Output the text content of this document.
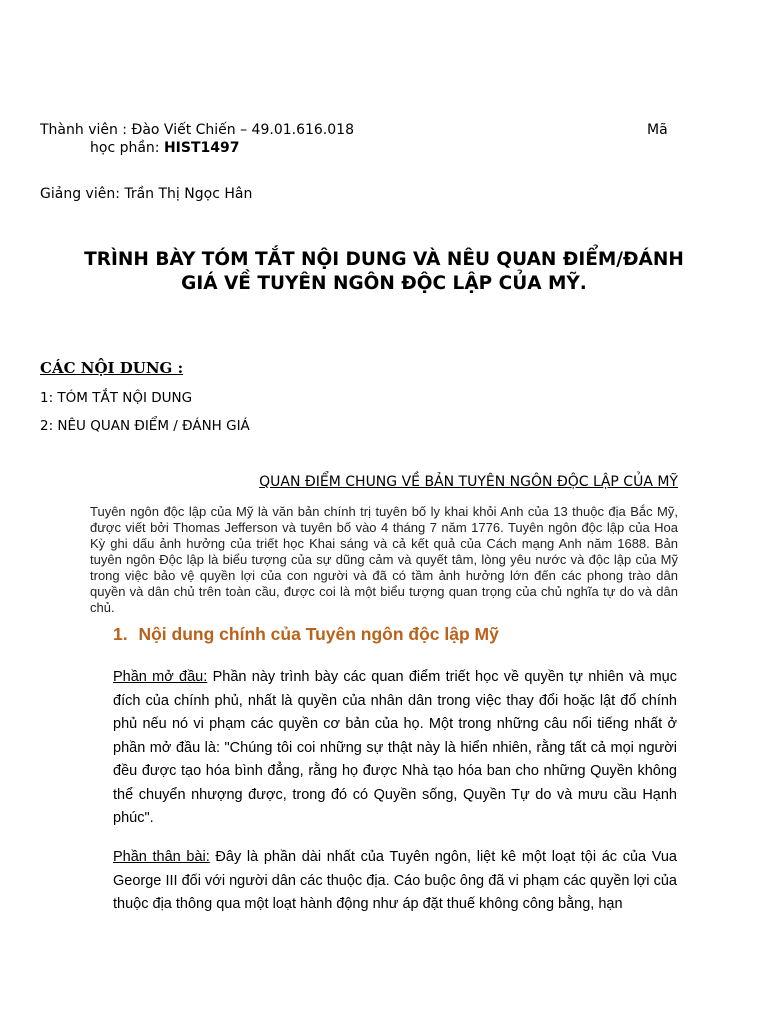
Thành viên : Đào Viết Chiến – 49.01.616.018	Mã
học phần: HIST1497
Giảng viên: Trần Thị Ngọc Hân
TRÌNH BÀY TÓM TẮT NỘI DUNG VÀ NÊU QUAN ĐIỂM/ĐÁNH
GIÁ VỀ TUYÊN NGÔN ĐỘC LẬP CỦA MỸ.
CÁC NỘI DUNG :
1: TÓM TẮT NỘI DUNG
2: NÊU QUAN ĐIỂM / ĐÁNH GIÁ
QUAN ĐIỂM CHUNG VỀ BẢN TUYÊN NGÔN ĐỘC LẬP CỦA MỸ
Tuyên ngôn độc lập của Mỹ là văn bản chính trị tuyên bố ly khai khỏi Anh của 13 thuộc địa Bắc Mỹ, được viết bởi Thomas Jefferson và tuyên bố vào 4 tháng 7 năm 1776. Tuyên ngôn độc lập của Hoa Kỳ ghi dấu ảnh hưởng của triết học Khai sáng và cả kết quả của Cách mạng Anh năm 1688. Bản tuyên ngôn Độc lập là biểu tượng của sự dũng cảm và quyết tâm, lòng yêu nước và độc lập của Mỹ trong việc bảo vệ quyền lợi của con người và đã có tầm ảnh hưởng lớn đến các phong trào dân quyền và dân chủ trên toàn cầu, được coi là một biểu tượng quan trọng của chủ nghĩa tự do và dân chủ.
1. Nội dung chính của Tuyên ngôn độc lập Mỹ
Phần mở đầu: Phần này trình bày các quan điểm triết học về quyền tự nhiên và mục đích của chính phủ, nhất là quyền của nhân dân trong việc thay đổi hoặc lật đổ chính phủ nếu nó vi phạm các quyền cơ bản của họ. Một trong những câu nổi tiếng nhất ở phần mở đầu là: "Chúng tôi coi những sự thật này là hiển nhiên, rằng tất cả mọi người đều được tạo hóa bình đẳng, rằng họ được Nhà tạo hóa ban cho những Quyền không thể chuyển nhượng được, trong đó có Quyền sống, Quyền Tự do và mưu cầu Hạnh phúc".
Phần thân bài: Đây là phần dài nhất của Tuyên ngôn, liệt kê một loạt tội ác của Vua George III đối với người dân các thuộc địa. Cáo buộc ông đã vi phạm các quyền lợi của thuộc địa thông qua một loạt hành động như áp đặt thuế không công bằng, hạn
